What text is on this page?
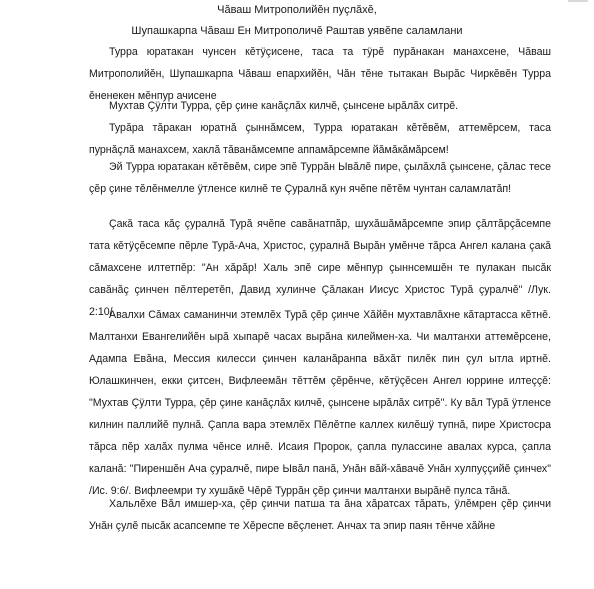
Чăваш Митрополийĕн пуçлăхĕ,
Шупашкарпа Чăваш Ен Митрополичĕ Раштав уявĕпе саламлани
Турра юратакан чунсен кĕтÿçисене, таса та тÿрĕ пурăнакан манахсене, Чăваш Митрополийĕн, Шупашкарпа Чăваш епархийĕн, Чăн тĕне тытакан Вырăс Чиркĕвĕн Турра ĕненекен мĕнпур ачисене
Мухтав Çÿлти Турра, çĕр çине канăçлăх килчĕ, çынсене ырăлăх ситрĕ.
Турăра тăракан юратнă çыннăмсем, Турра юратакан кĕтĕвĕм, аттемĕрсем, таса пурнăçлă манахсем, хаклă тăванăмсемпе аппамăрсемпе йăмăкăмăрсем!
Эй Турра юратакан кĕтĕвĕм, сире эпĕ Туррăн Ывăлĕ пире, çылăхлă çынсене, çăлас тесе çĕр çине тĕлĕнмелле ÿтленсе килнĕ те Çуралнă кун ячĕпе пĕтĕм чунтан саламлатăп!
Çакă таса кăç çуралнă Турă ячĕпе савăнатпăр, шухăшăмăрсемпе эпир çăлтăрçăсемпе тата кĕтÿçĕсемпе пĕрле Турă-Ача, Христос, çуралнă Вырăн умĕнче тăрса Ангел калана çакă сăмахсене илтетпĕр: "Ан хăрăр! Халь эпĕ сире мĕнпур çыннсемшĕн те пулакан пысăк савăнăç çинчен пĕлтеретĕп, Давид хулинче Çăлакан Иисус Христос Турă çуралчĕ" /Лук. 2:10/.
Авалхи Сăмах саманинчи этемлĕх Турă çĕр çинче Хăйĕн мухтавлăхне кăтартасса кĕтнĕ. Малтанхи Евангелийĕн ырă хыпарĕ часах вырăна килеймен-ха. Чи малтанхи аттемĕрсене, Адампа Евăна, Мессия килесси çинчен каланăранпа вăхăт пилĕк пин çул ытла иртнĕ. Юлашкинчен, екки çитсен, Вифлеемăн тĕттĕм çĕрĕнче, кĕтÿçĕсен Ангел юррине илтеççĕ: "Мухтав Çÿлти Турра, çĕр çине канăçлăх килчĕ, çынсене ырăлăх ситрĕ". Ку вăл Турă ÿтленсе килнин паллийĕ пулнă. Çапла вара этемлĕх Пĕлĕтпе каллех килĕшÿ тупнă, пире Христосра тăрса пĕр халăх пулма чĕнсе илнĕ. Исаия Пророк, çапла пулассине авалах курса, çапла каланă: "Пиреншĕн Ача çуралчĕ, пире Ывăл панă, Унăн вăй-хăвачĕ Унăн хулпуççийĕ çинчех" /Ис. 9:6/. Вифлеемри ту хушăкĕ Чĕрĕ Туррăн çĕр çинчи малтанхи вырăнĕ пулса тăнă.
Хальлĕхе Вăл имшер-ха, çĕр çинчи патша та ăна хăратсах тăрать, ÿлĕмрен çĕр çинчи Унăн çулĕ пысăк асапсемпе те Хĕреспе вĕçленет. Анчах та эпир паян тĕнче хăйне
